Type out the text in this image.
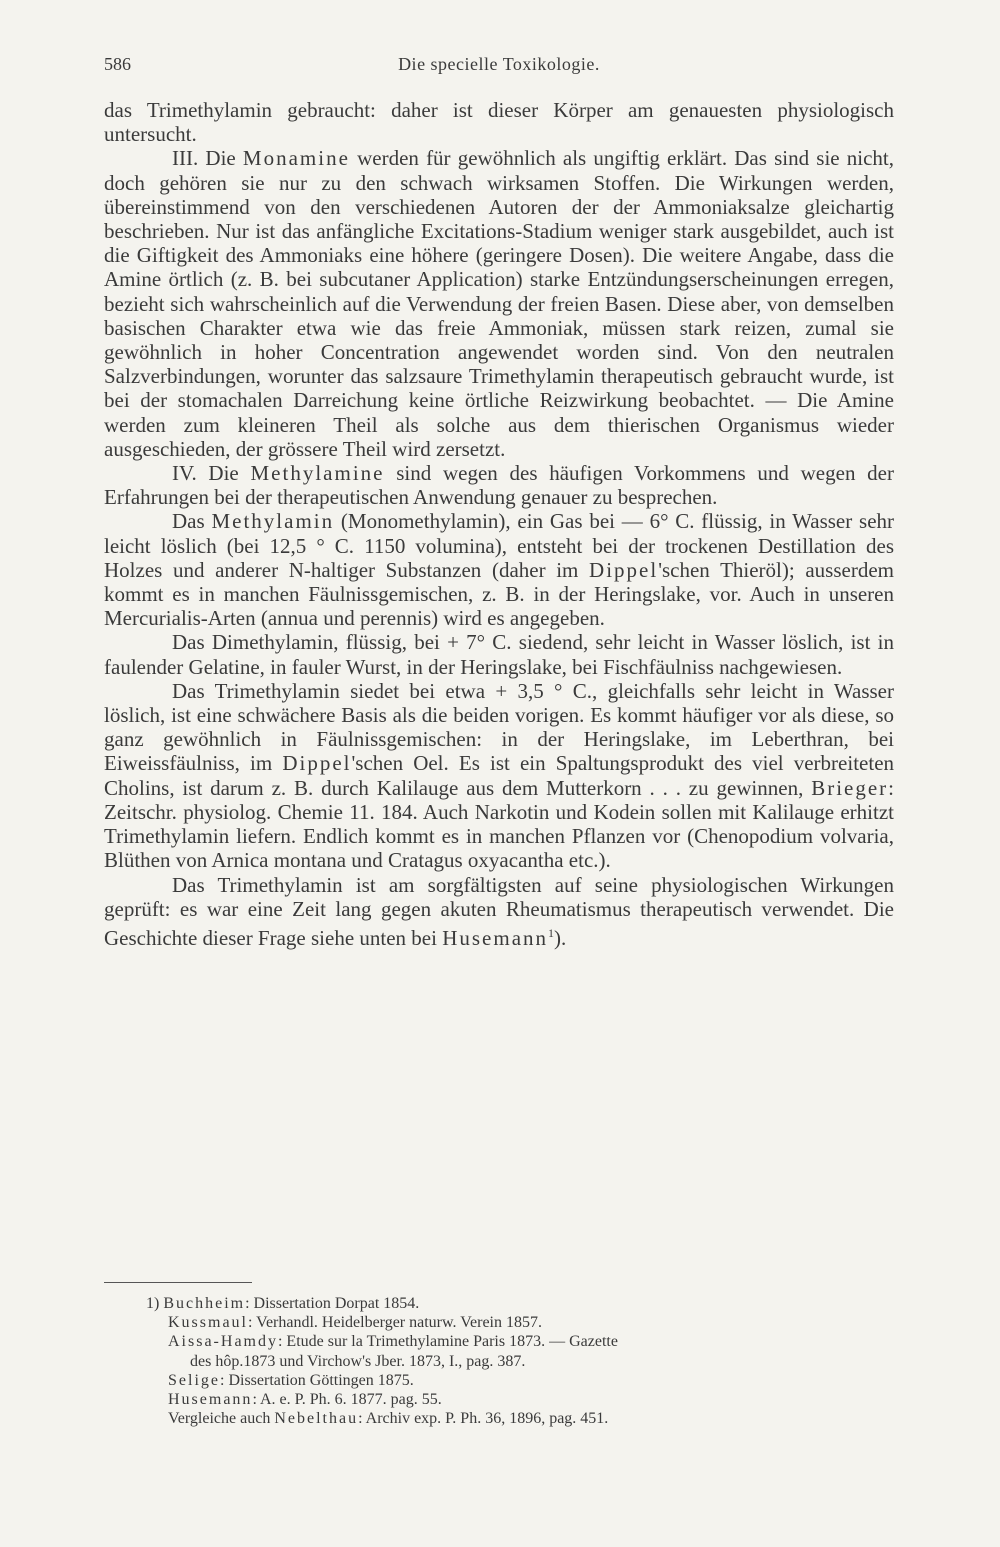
586	Die specielle Toxikologie.

das Trimethylamin gebraucht: daher ist dieser Körper am genauesten physiologisch untersucht.

III. Die Monamine werden für gewöhnlich als ungiftig erklärt. Das sind sie nicht, doch gehören sie nur zu den schwach wirksamen Stoffen. Die Wirkungen werden, übereinstimmend von den verschiedenen Autoren der der Ammoniaksalze gleichartig beschrieben. Nur ist das anfängliche Excitations-Stadium weniger stark ausgebildet, auch ist die Giftigkeit des Ammoniaks eine höhere (geringere Dosen). Die weitere Angabe, dass die Amine örtlich (z. B. bei subcutaner Application) starke Entzündungserscheinungen erregen, bezieht sich wahrscheinlich auf die Verwendung der freien Basen. Diese aber, von demselben basischen Charakter etwa wie das freie Ammoniak, müssen stark reizen, zumal sie gewöhnlich in hoher Concentration angewendet worden sind. Von den neutralen Salzverbindungen, worunter das salzsaure Trimethylamin therapeutisch gebraucht wurde, ist bei der stomachalen Darreichung keine örtliche Reizwirkung beobachtet. — Die Amine werden zum kleineren Theil als solche aus dem thierischen Organismus wieder ausgeschieden, der grössere Theil wird zersetzt.

IV. Die Methylamine sind wegen des häufigen Vorkommens und wegen der Erfahrungen bei der therapeutischen Anwendung genauer zu besprechen.

Das Methylamin (Monomethylamin), ein Gas bei — 6° C. flüssig, in Wasser sehr leicht löslich (bei 12,5 ° C. 1150 volumina), entsteht bei der trockenen Destillation des Holzes und anderer N-haltiger Substanzen (daher im Dippel'schen Thieröl); ausserdem kommt es in manchen Fäulnissgemischen, z. B. in der Heringslake, vor. Auch in unseren Mercurialis-Arten (annua und perennis) wird es angegeben.

Das Dimethylamin, flüssig, bei + 7° C. siedend, sehr leicht in Wasser löslich, ist in faulender Gelatine, in fauler Wurst, in der Heringslake, bei Fischfäulniss nachgewiesen.

Das Trimethylamin siedet bei etwa + 3,5 ° C., gleichfalls sehr leicht in Wasser löslich, ist eine schwächere Basis als die beiden vorigen. Es kommt häufiger vor als diese, so ganz gewöhnlich in Fäulnissgemischen: in der Heringslake, im Leberthran, bei Eiweissfäulniss, im Dippel'schen Oel. Es ist ein Spaltungsprodukt des viel verbreiteten Cholins, ist darum z. B. durch Kalilauge aus dem Mutterkorn . . . zu gewinnen, Brieger: Zeitschr. physiolog. Chemie 11. 184. Auch Narkotin und Kodein sollen mit Kalilauge erhitzt Trimethylamin liefern. Endlich kommt es in manchen Pflanzen vor (Chenopodium volvaria, Blüthen von Arnica montana und Cratagus oxyacantha etc.).

Das Trimethylamin ist am sorgfältigsten auf seine physiologischen Wirkungen geprüft: es war eine Zeit lang gegen akuten Rheumatismus therapeutisch verwendet. Die Geschichte dieser Frage siehe unten bei Husemann$^1$).

1) Buchheim: Dissertation Dorpat 1854.
Kussmaul: Verhandl. Heidelberger naturw. Verein 1857.
Aissa-Hamdy: Etude sur la Trimethylamine Paris 1873. — Gazette
des hôp.1873 und Virchow's Jber. 1873, I., pag. 387.
Selige: Dissertation Göttingen 1875.
Husemann: A. e. P. Ph. 6. 1877. pag. 55.
Vergleiche auch Nebelthau: Archiv exp. P. Ph. 36, 1896, pag. 451.
